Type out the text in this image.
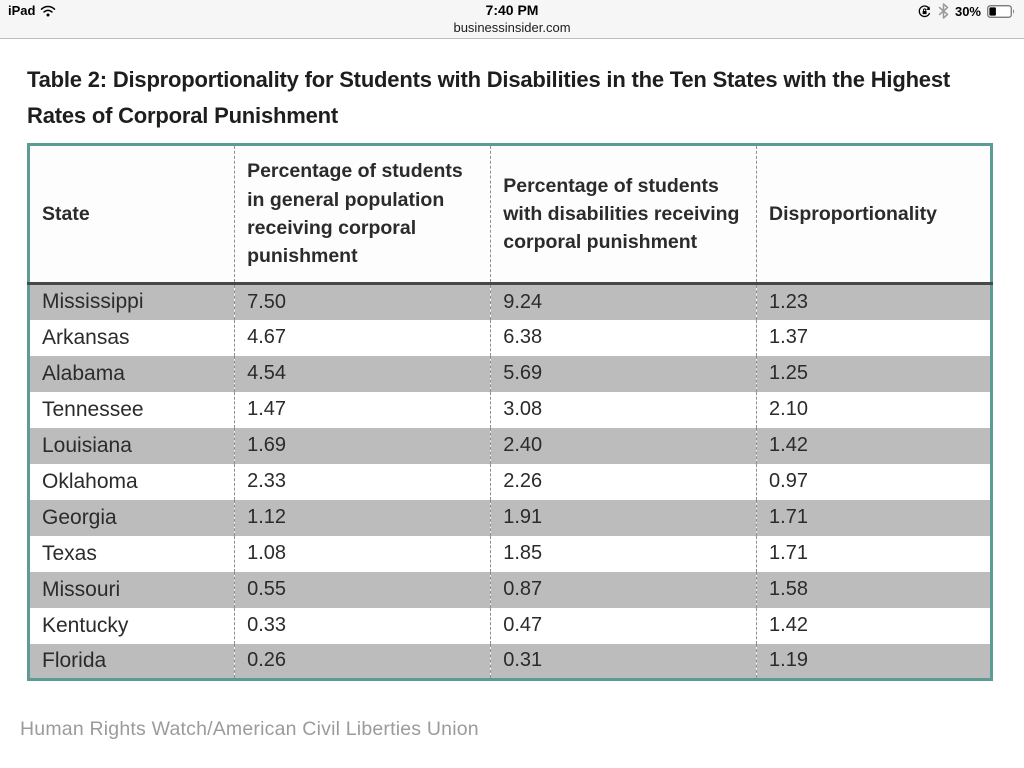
iPad	7:40 PM
businessinsider.com
30%
Table 2: Disproportionality for Students with Disabilities in the Ten States with the Highest Rates of Corporal Punishment
State	Percentage of students in general population receiving corporal punishment	Percentage of students with disabilities receiving corporal punishment	Disproportionality
Mississippi	7.50	9.24	1.23
Arkansas	4.67	6.38	1.37
Alabama	4.54	5.69	1.25
Tennessee	1.47	3.08	2.10
Louisiana	1.69	2.40	1.42
Oklahoma	2.33	2.26	0.97
Georgia	1.12	1.91	1.71
Texas	1.08	1.85	1.71
Missouri	0.55	0.87	1.58
Kentucky	0.33	0.47	1.42
Florida	0.26	0.31	1.19
Human Rights Watch/American Civil Liberties Union
